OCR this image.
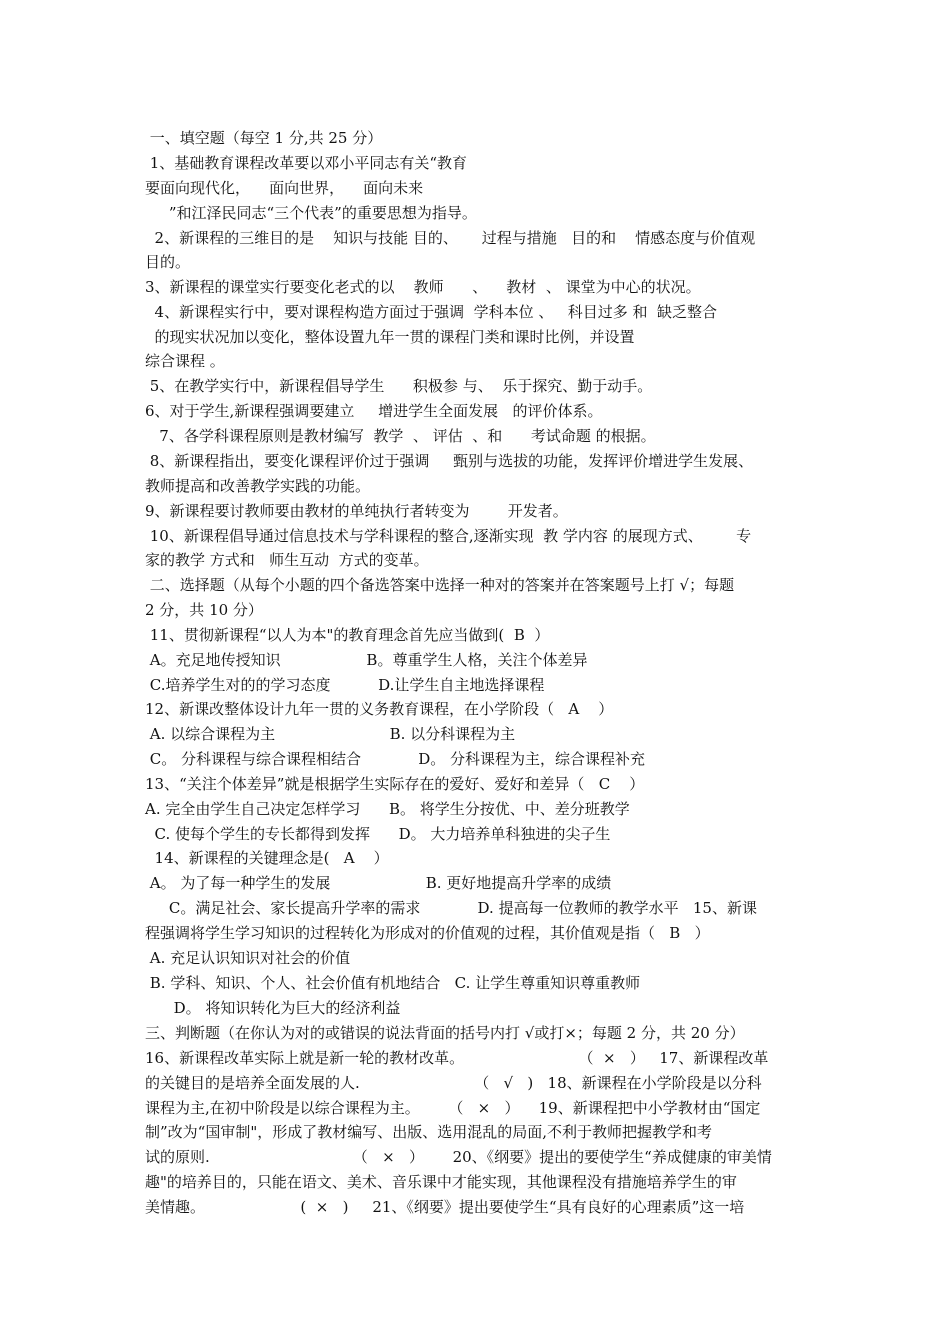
一、填空题（每空 1 分,共 25 分）
1、基础教育课程改革要以邓小平同志有关“教育
要面向现代化，    面向世界，    面向未来
”和江泽民同志“三个代表”的重要思想为指导。
2、新课程的三维目的是    知识与技能 目的、     过程与措施   目的和    情感态度与价值观
目的。
3、新课程的课堂实行要变化老式的以    教师      、    教材  、 课堂为中心的状况。
4、新课程实行中，要对课程构造方面过于强调  学科本位 、   科目过多 和  缺乏整合
的现实状况加以变化，整体设置九年一贯的课程门类和课时比例，并设置
综合课程 。
5、在教学实行中，新课程倡导学生      积极参 与、  乐于探究、勤于动手。
6、对于学生,新课程强调要建立     增进学生全面发展   的评价体系。
7、各学科课程原则是教材编写  教学  、 评估  、和      考试命题 的根据。
8、新课程指出，要变化课程评价过于强调     甄别与选拔的功能，发挥评价增进学生发展、
教师提高和改善教学实践的功能。
9、新课程要讨教师要由教材的单纯执行者转变为        开发者。
10、新课程倡导通过信息技术与学科课程的整合,逐渐实现  教 学内容 的展现方式、       专
家的教学 方式和   师生互动  方式的变革。
二、选择题（从每个小题的四个备选答案中选择一种对的答案并在答案题号上打 √；每题
2 分，共 10 分）
11、贯彻新课程“以人为本"的教育理念首先应当做到(  B  ）
A。充足地传授知识                  B。尊重学生人格，关注个体差异
C.培养学生对的的学习态度          D.让学生自主地选择课程
12、新课改整体设计九年一贯的义务教育课程，在小学阶段（   A    ）
A. 以综合课程为主                        B. 以分科课程为主
C。 分科课程与综合课程相结合            D。 分科课程为主，综合课程补充
13、“关注个体差异”就是根据学生实际存在的爱好、爱好和差异（   C    ）
A. 完全由学生自己决定怎样学习      B。 将学生分按优、中、差分班教学
C. 使每个学生的专长都得到发挥      D。 大力培养单科独进的尖子生
14、新课程的关键理念是(   A    ）
A。 为了每一种学生的发展                    B. 更好地提高升学率的成绩
C。满足社会、家长提高升学率的需求            D. 提高每一位教师的教学水平   15、新课
程强调将学生学习知识的过程转化为形成对的价值观的过程，其价值观是指（   B   ）
A. 充足认识知识对社会的价值
B. 学科、知识、个人、社会价值有机地结合   C. 让学生尊重知识尊重教师
D。 将知识转化为巨大的经济利益
三、判断题（在你认为对的或错误的说法背面的括号内打 √或打×；每题 2 分，共 20 分）
16、新课程改革实际上就是新一轮的教材改革。                        （  ×   ）   17、新课程改革
的关键目的是培养全面发展的人.                        （   √   )   18、新课程在小学阶段是以分科
课程为主,在初中阶段是以综合课程为主。      （   ×   ）    19、新课程把中小学教材由“国定
制”改为“国审制"，形成了教材编写、出版、选用混乱的局面,不利于教师把握教学和考
试的原则.                              （   ×   ）      20、《纲要》提出的要使学生“养成健康的审美情
趣"的培养目的，只能在语文、美术、音乐课中才能实现，其他课程没有措施培养学生的审
美情趣。                    (  ×   )     21、《纲要》提出要使学生“具有良好的心理素质”这一培
